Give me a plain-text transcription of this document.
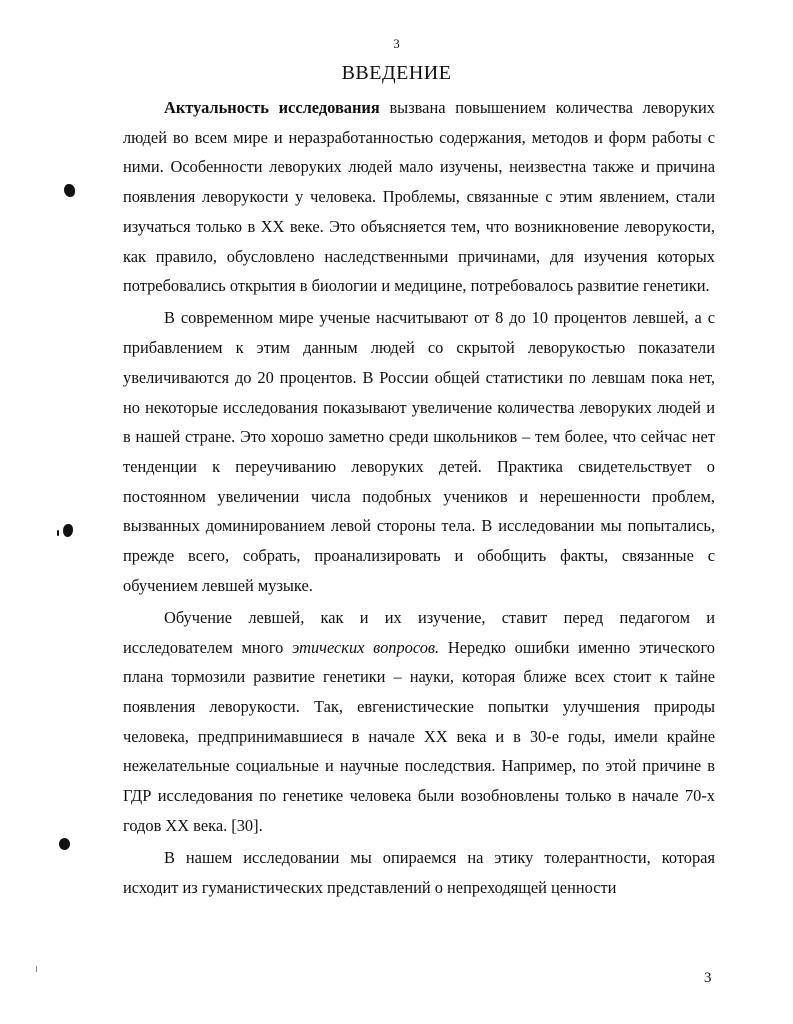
3
ВВЕДЕНИЕ

Актуальность исследования вызвана повышением количества леворуких людей во всем мире и неразработанностью содержания, методов и форм работы с ними. Особенности леворуких людей мало изучены, неизвестна также и причина появления леворукости у человека. Проблемы, связанные с этим явлением, стали изучаться только в XX веке. Это объясняется тем, что возникновение леворукости, как правило, обусловлено наследственными причинами, для изучения которых потребовались открытия в биологии и медицине, потребовалось развитие генетики.

В современном мире ученые насчитывают от 8 до 10 процентов левшей, а с прибавлением к этим данным людей со скрытой леворукостью показатели увеличиваются до 20 процентов. В России общей статистики по левшам пока нет, но некоторые исследования показывают увеличение количества леворуких людей и в нашей стране. Это хорошо заметно среди школьников – тем более, что сейчас нет тенденции к переучиванию леворуких детей. Практика свидетельствует о постоянном увеличении числа подобных учеников и нерешенности проблем, вызванных доминированием левой стороны тела. В исследовании мы попытались, прежде всего, собрать, проанализировать и обобщить факты, связанные с обучением левшей музыке.

Обучение левшей, как и их изучение, ставит перед педагогом и исследователем много этических вопросов. Нередко ошибки именно этического плана тормозили развитие генетики – науки, которая ближе всех стоит к тайне появления леворукости. Так, евгенистические попытки улучшения природы человека, предпринимавшиеся в начале XX века и в 30-е годы, имели крайне нежелательные социальные и научные последствия. Например, по этой причине в ГДР исследования по генетике человека были возобновлены только в начале 70-х годов XX века. [30].

В нашем исследовании мы опираемся на этику толерантности, которая исходит из гуманистических представлений о непреходящей ценности

3
